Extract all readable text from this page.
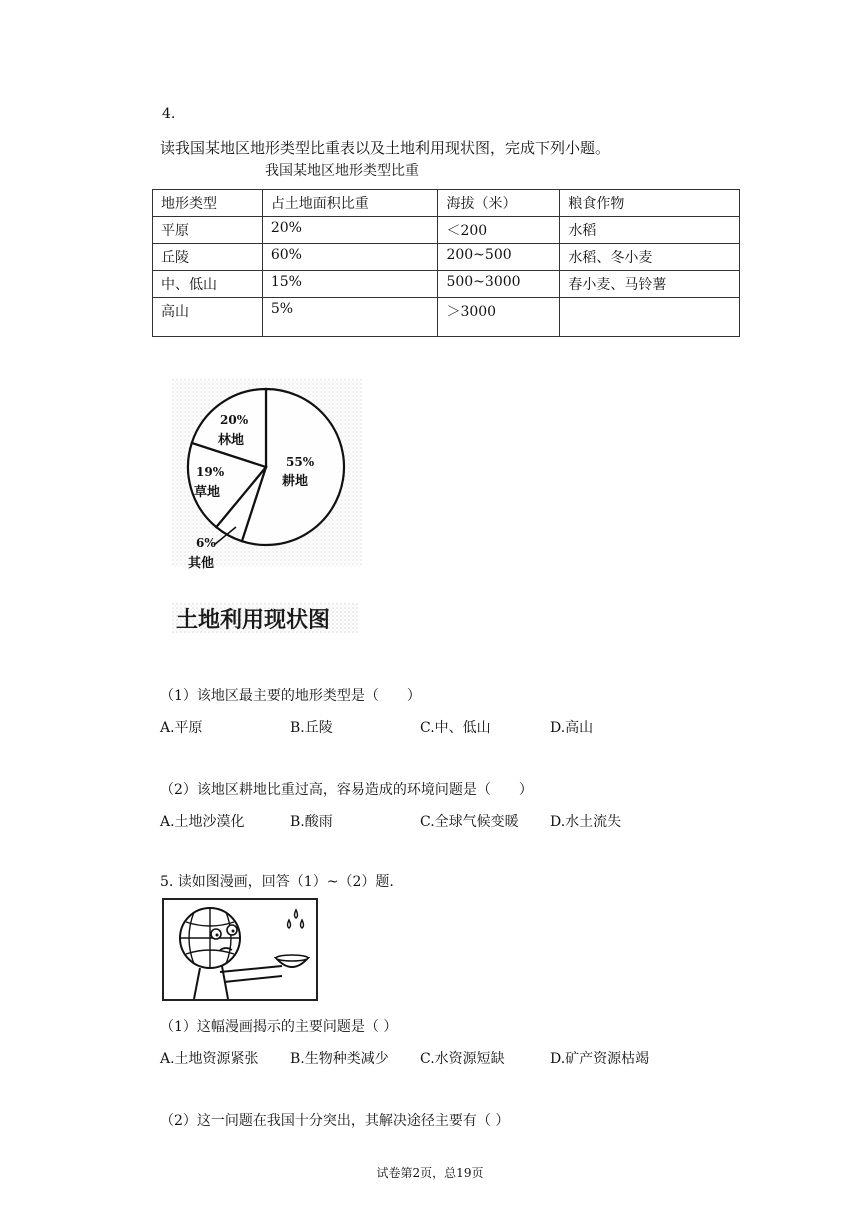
4.
读我国某地区地形类型比重表以及土地利用现状图，完成下列小题。
我国某地区地形类型比重
地形类型	占土地面积比重	海拔（米）	粮食作物
平原	20%	＜200	水稻
丘陵	60%	200~500	水稻、冬小麦
中、低山	15%	500~3000	春小麦、马铃薯
高山	5%	＞3000	
55%
耕地
6%
其他
19%
草地
20%
林地
土地利用现状图
（1）该地区最主要的地形类型是（　　）
A.平原	B.丘陵	C.中、低山	D.高山
（2）该地区耕地比重过高，容易造成的环境问题是（　　）
A.土地沙漠化	B.酸雨	C.全球气候变暖 D.水土流失
5. 读如图漫画，回答（1）~（2）题.
（1）这幅漫画揭示的主要问题是（ ）
A.土地资源紧张 B.生物种类减少 C.水资源短缺	D.矿产资源枯竭
（2）这一问题在我国十分突出，其解决途径主要有（ ）
试卷第2页，总19页
